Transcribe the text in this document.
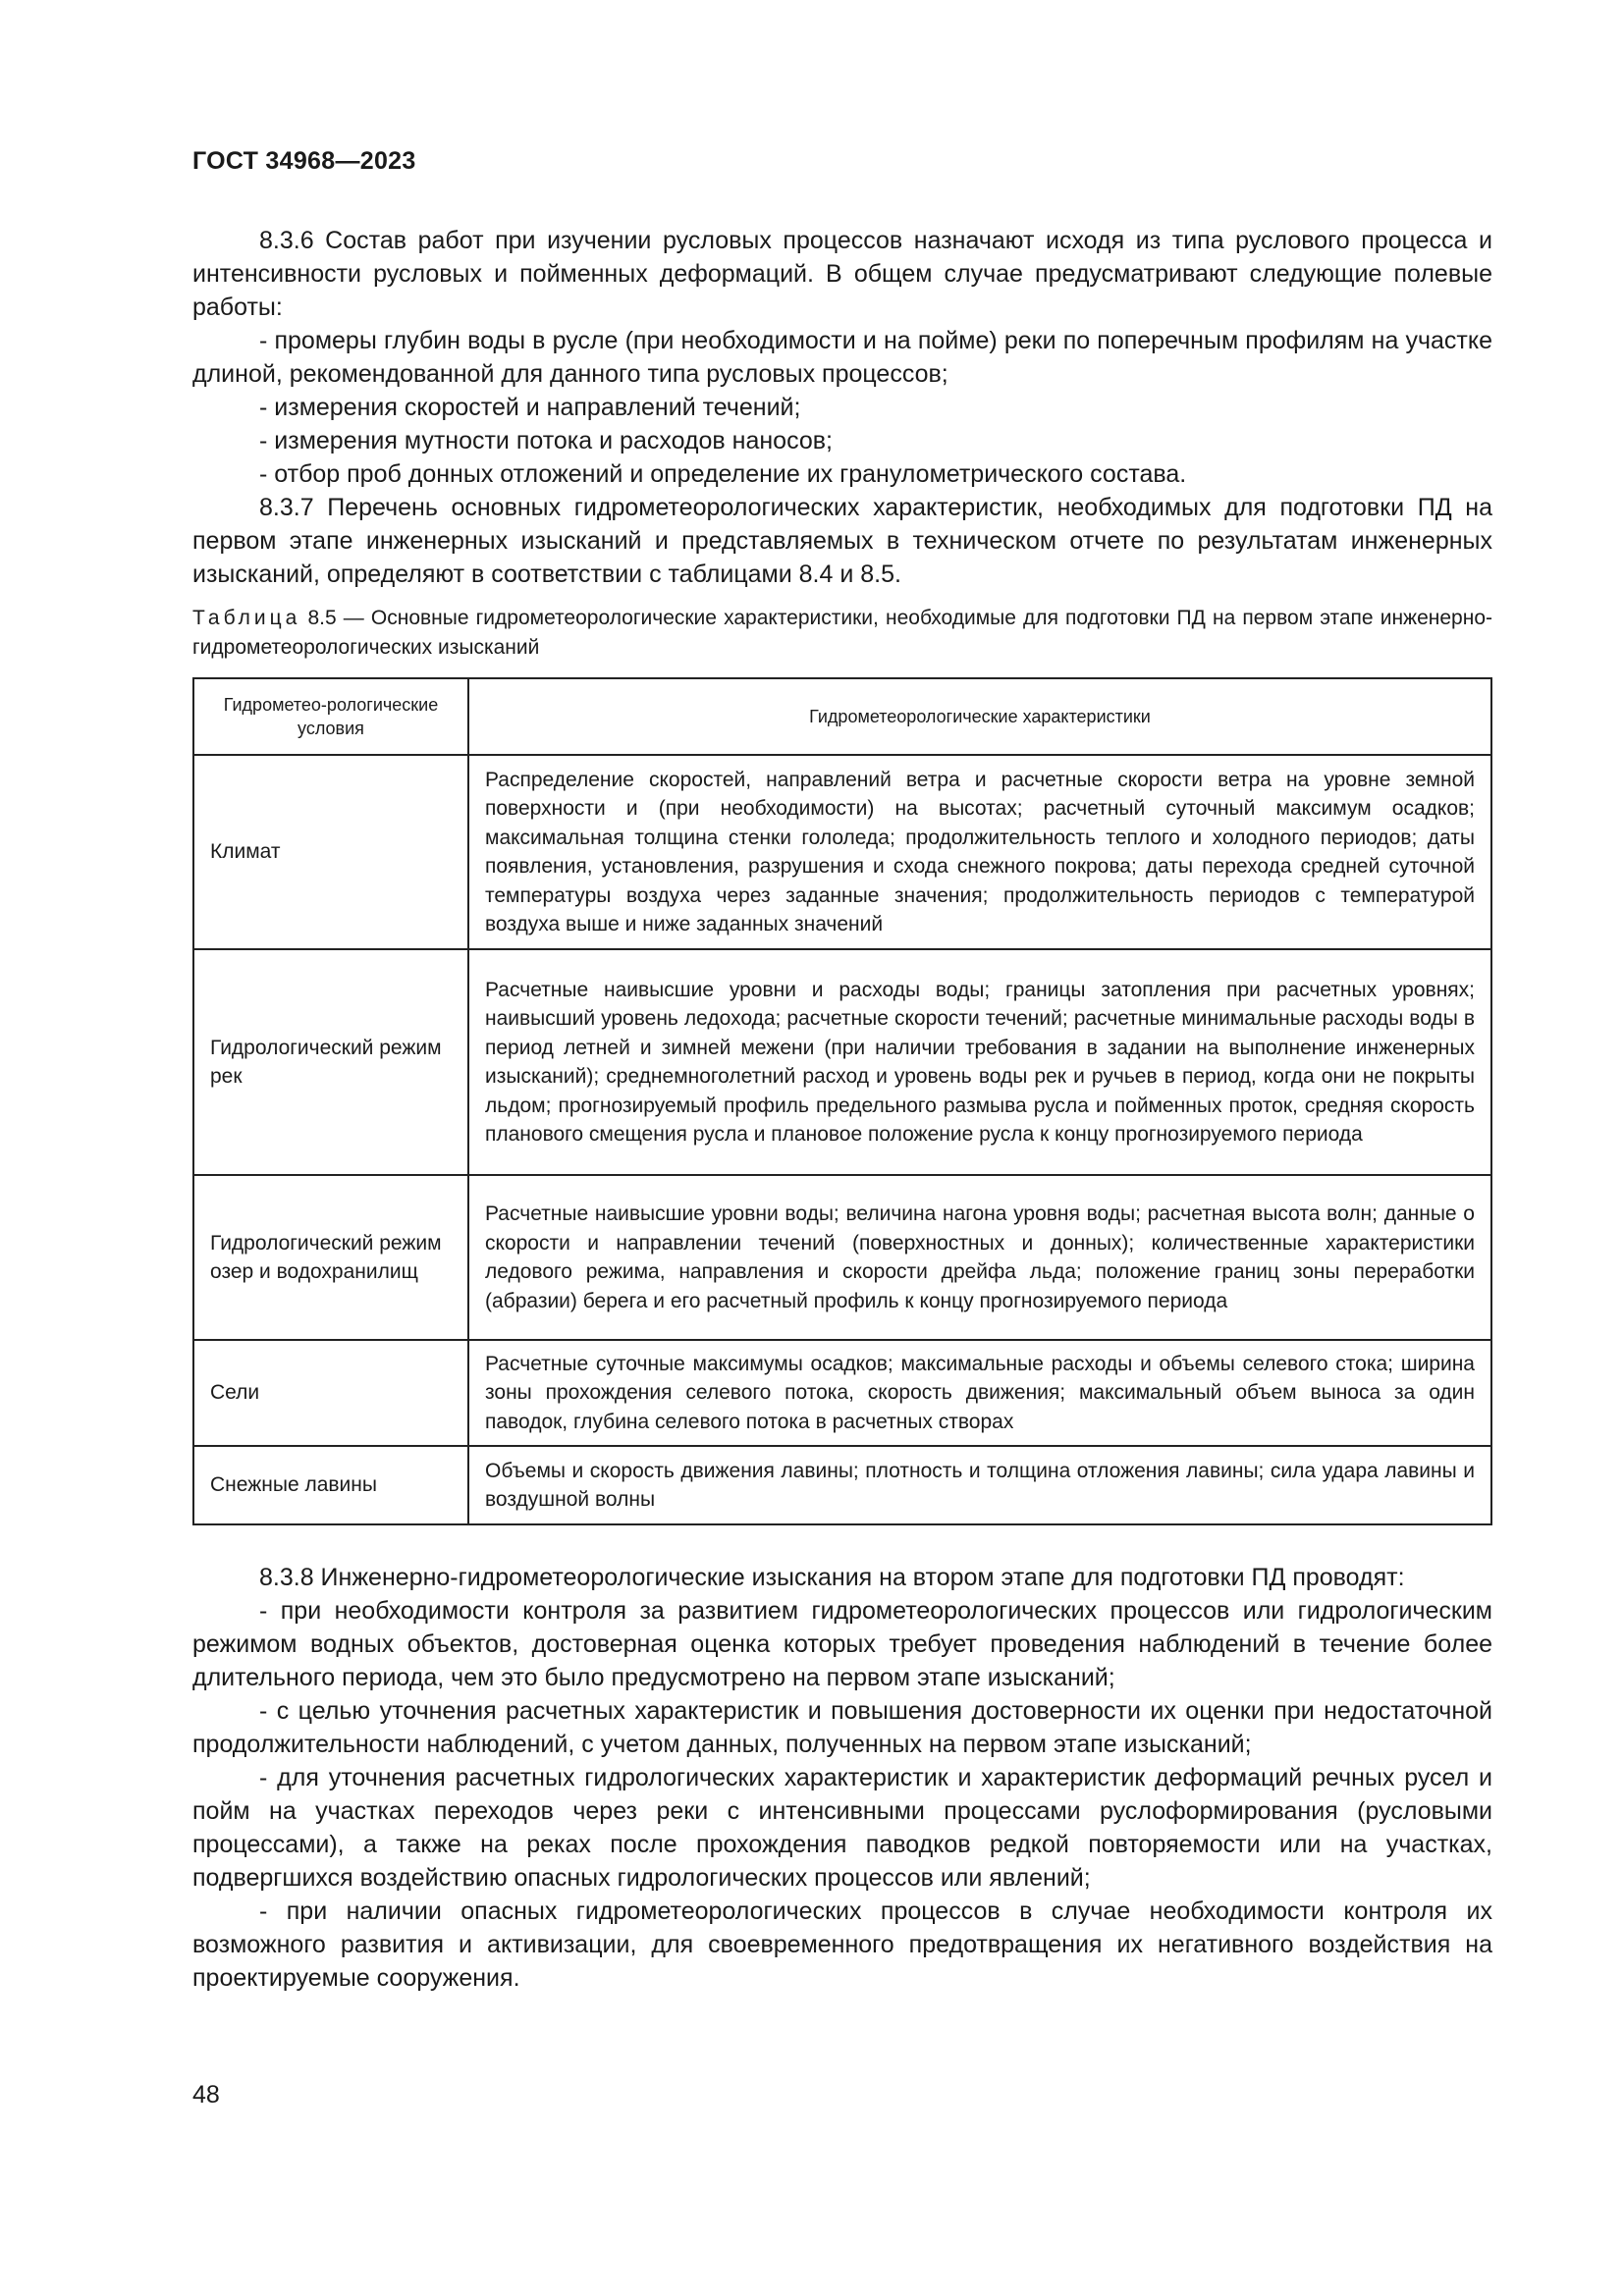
ГОСТ 34968—2023

8.3.6 Состав работ при изучении русловых процессов назначают исходя из типа руслового процесса и интенсивности русловых и пойменных деформаций. В общем случае предусматривают следующие полевые работы:

- промеры глубин воды в русле (при необходимости и на пойме) реки по поперечным профилям на участке длиной, рекомендованной для данного типа русловых процессов;

- измерения скоростей и направлений течений;

- измерения мутности потока и расходов наносов;

- отбор проб донных отложений и определение их гранулометрического состава.

8.3.7 Перечень основных гидрометеорологических характеристик, необходимых для подготовки ПД на первом этапе инженерных изысканий и представляемых в техническом отчете по результатам инженерных изысканий, определяют в соответствии с таблицами 8.4 и 8.5.

Таблица 8.5 — Основные гидрометеорологические характеристики, необходимые для подготовки ПД на первом этапе инженерно-гидрометеорологических изысканий
Гидрометео-рологические условия	Гидрометеорологические характеристики
Климат	Распределение скоростей, направлений ветра и расчетные скорости ветра на уровне земной поверхности и (при необходимости) на высотах; расчетный суточный максимум осадков; максимальная толщина стенки гололеда; продолжительность теплого и холодного периодов; даты появления, установления, разрушения и схода снежного покрова; даты перехода средней суточной температуры воздуха через заданные значения; продолжительность периодов с температурой воздуха выше и ниже заданных значений
Гидрологический режим рек	Расчетные наивысшие уровни и расходы воды; границы затопления при расчетных уровнях; наивысший уровень ледохода; расчетные скорости течений; расчетные минимальные расходы воды в период летней и зимней межени (при наличии требования в задании на выполнение инженерных изысканий); среднемноголетний расход и уровень воды рек и ручьев в период, когда они не покрыты льдом; прогнозируемый профиль предельного размыва русла и пойменных проток, средняя скорость планового смещения русла и плановое положение русла к концу прогнозируемого периода
Гидрологический режим озер и водохранилищ	Расчетные наивысшие уровни воды; величина нагона уровня воды; расчетная высота волн; данные о скорости и направлении течений (поверхностных и донных); количественные характеристики ледового режима, направления и скорости дрейфа льда; положение границ зоны переработки (абразии) берега и его расчетный профиль к концу прогнозируемого периода
Сели	Расчетные суточные максимумы осадков; максимальные расходы и объемы селевого стока; ширина зоны прохождения селевого потока, скорость движения; максимальный объем выноса за один паводок, глубина селевого потока в расчетных створах
Снежные лавины	Объемы и скорость движения лавины; плотность и толщина отложения лавины; сила удара лавины и воздушной волны

8.3.8 Инженерно-гидрометеорологические изыскания на втором этапе для подготовки ПД проводят:

- при необходимости контроля за развитием гидрометеорологических процессов или гидрологическим режимом водных объектов, достоверная оценка которых требует проведения наблюдений в течение более длительного периода, чем это было предусмотрено на первом этапе изысканий;

- с целью уточнения расчетных характеристик и повышения достоверности их оценки при недостаточной продолжительности наблюдений, с учетом данных, полученных на первом этапе изысканий;

- для уточнения расчетных гидрологических характеристик и характеристик деформаций речных русел и пойм на участках переходов через реки с интенсивными процессами руслоформирования (русловыми процессами), а также на реках после прохождения паводков редкой повторяемости или на участках, подвергшихся воздействию опасных гидрологических процессов или явлений;

- при наличии опасных гидрометеорологических процессов в случае необходимости контроля их возможного развития и активизации, для своевременного предотвращения их негативного воздействия на проектируемые сооружения.

48
